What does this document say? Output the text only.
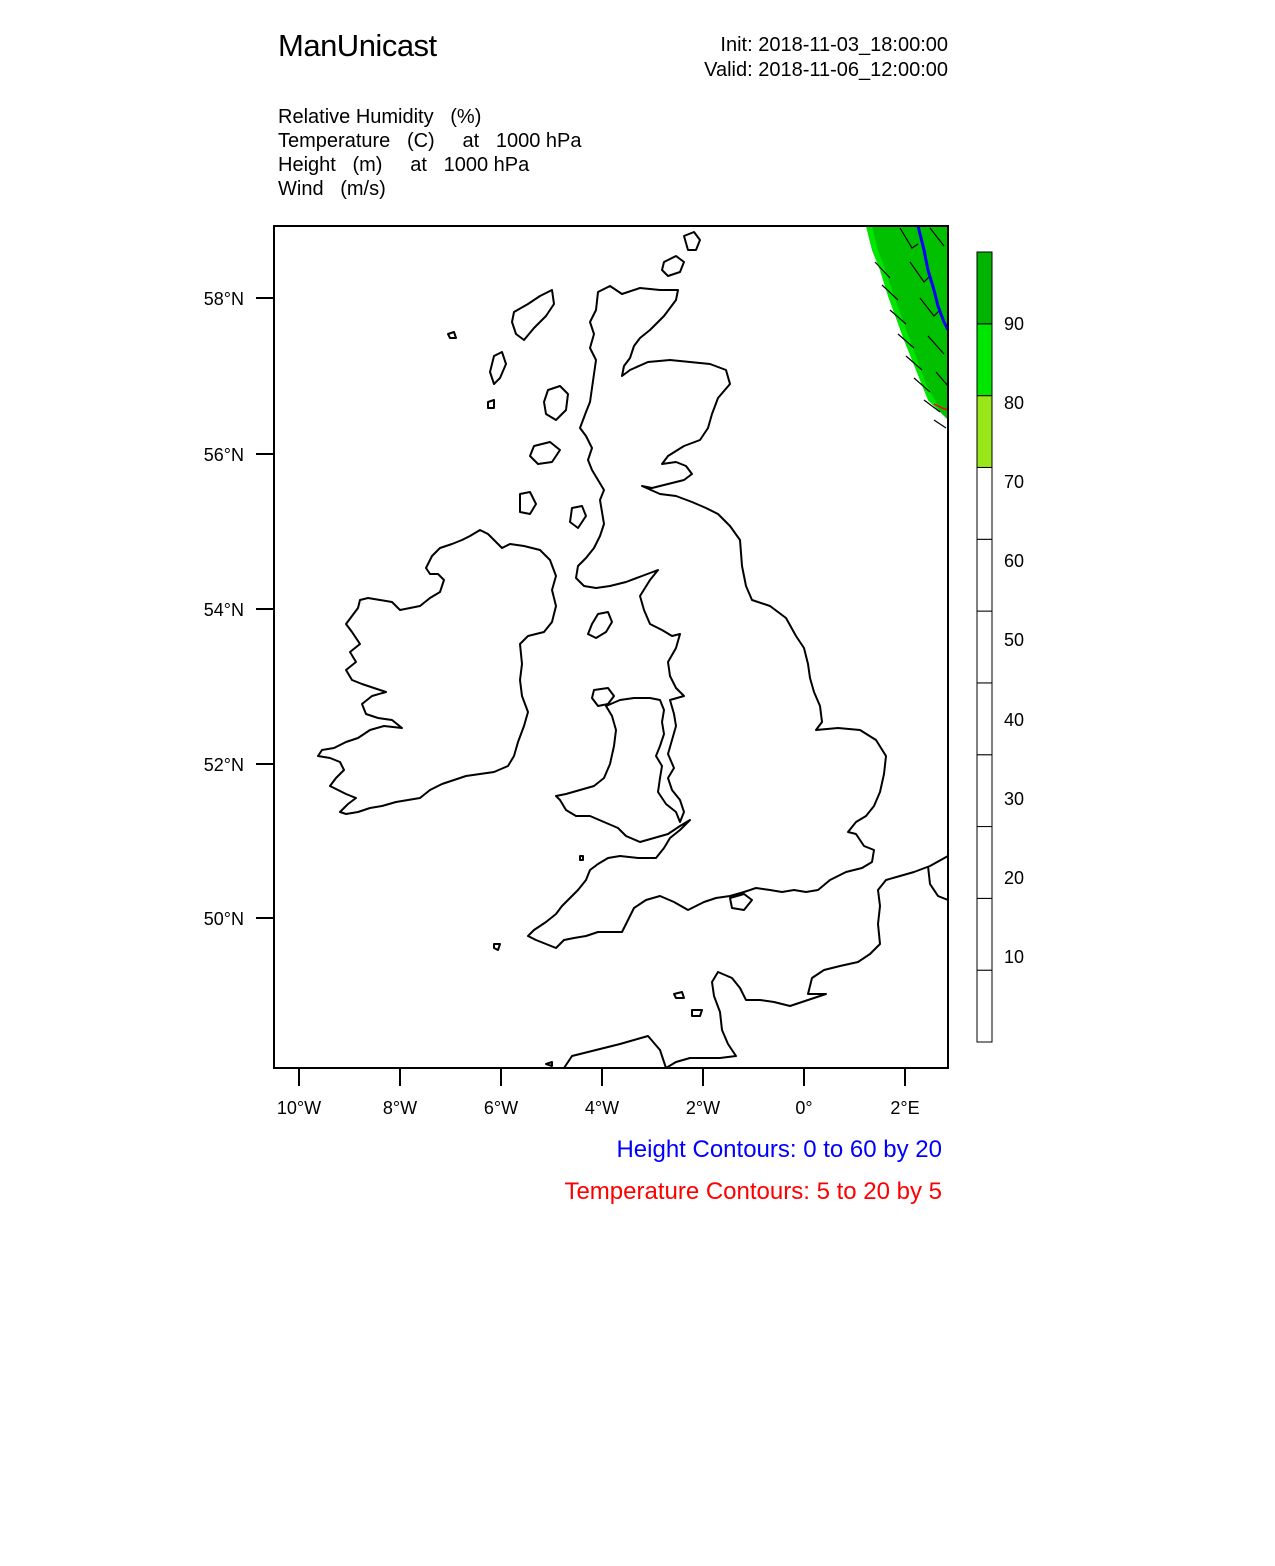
ManUnicast	Init: 2018-11-03_18:00:00
Valid: 2018-11-06_12:00:00
Relative Humidity   (%)
Temperature   (C)     at   1000 hPa
Height   (m)     at   1000 hPa
Wind   (m/s)
58°N
56°N
54°N
52°N
50°N
10°W	8°W	6°W	4°W	2°W	0°	2°E
90
80
70
60
50
40
30
20
10
Height Contours: 0 to 60 by 20
Temperature Contours: 5 to 20 by 5
